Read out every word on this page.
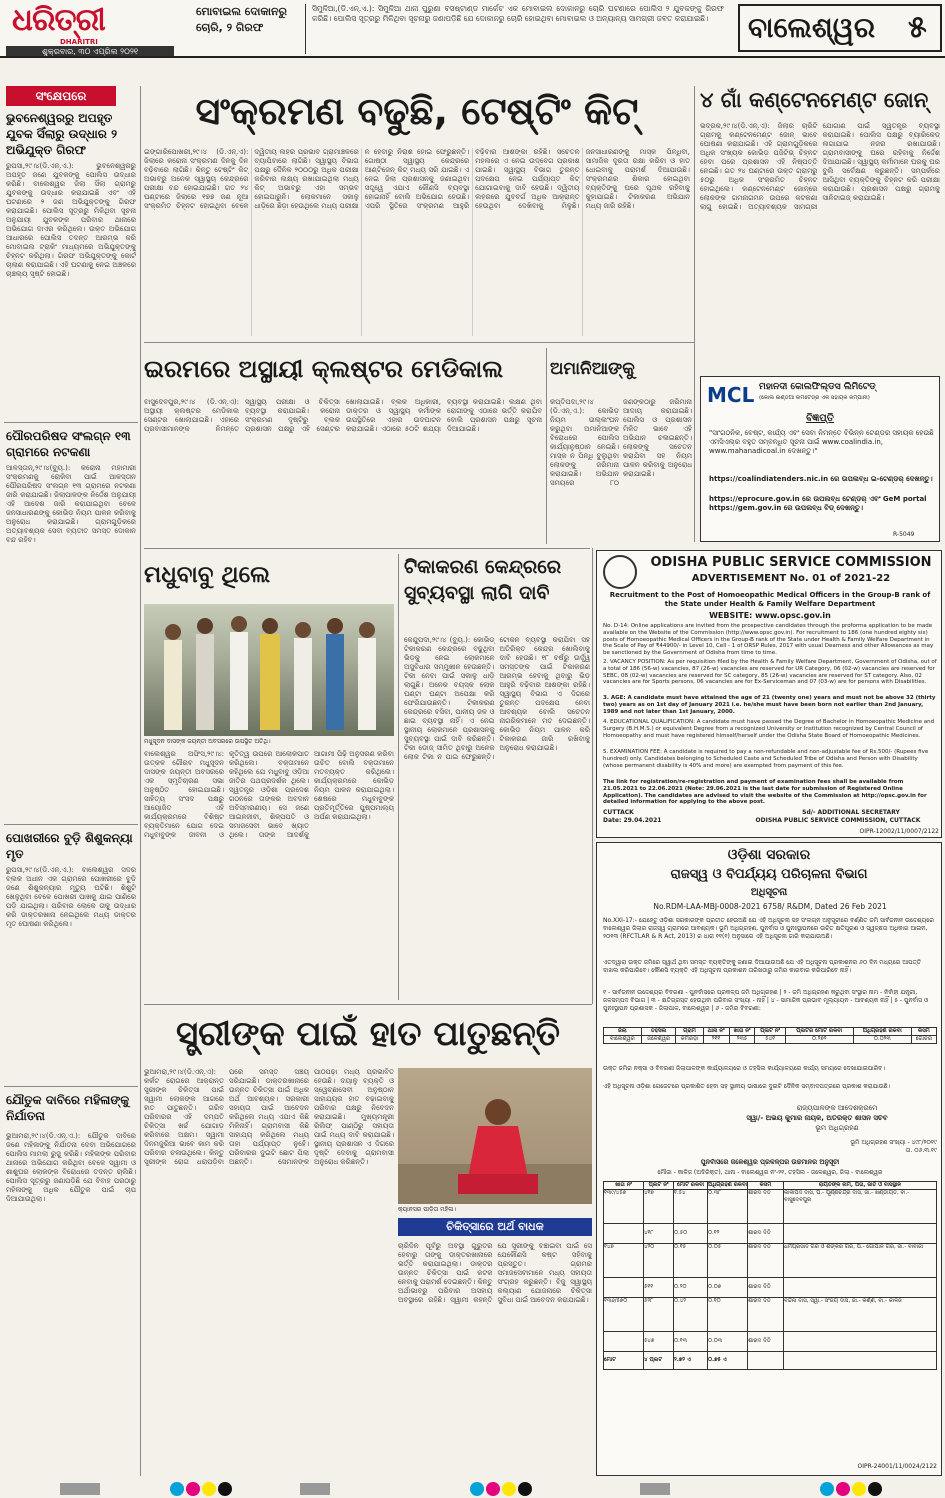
ଧରିତ୍ରୀ
DHARITRI
ଶୁକ୍ରବାର, ୩୦ ଏପ୍ରିଲ ୨୦୨୧
ମୋବାଇଲ ଦୋକାନରୁ ଚୋରି, ୨ ଗିରଫ
ସିମୁଳିଆ,(ଡି.ଏନ୍.ଏ.): ସିମୁଳିଆ ଥାନା ପୁରୁଣା ବସଷ୍ଟାଣ୍ଡ ମାର୍କେଟ ଏକ ମୋବାଇଲ ଦୋକାନରୁ ଚୋରି ଘଟଣାରେ ପୋଲିସ ୨ ଯୁବକଙ୍କୁ ଗିରଫ କରିଛି। ପୋଲିସ ସୂତ୍ରରୁ ମିଳିଥିବା ସୂଚନାରୁ ଜଣାପଡ଼ିଛି ଯେ ଦୋକାନରୁ ଚୋରି ହୋଇଥିବା ମୋବାଇଲ ଓ ଅନ୍ୟାନ୍ୟ ସାମଗ୍ରୀ ଜବତ କରାଯାଇଛି।	ବାଲେଶ୍ୱର ୫
ସଂକ୍ଷେପରେ
ଭୁବନେଶ୍ୱରରୁ ଅପହୃତ ଯୁବକ ସିଁଲାରୁ ଉଦ୍ଧାର ୨ ଅଭିଯୁକ୍ତ ଗିରଫ
ରୁପସା,୨୯।୪(ଡି.ଏନ୍.ଏ.): ଭୁବନେଶ୍ୱରରୁ ଅପହୃତ ଜଣେ ଯୁବକଙ୍କୁ ପୋଲିସ ଉଦ୍ଧାର କରିଛି। ବାଲେଶ୍ୱର ଜିଲା ସିଁଲା ଗ୍ରାମରୁ ଯୁବକଙ୍କୁ ଉଦ୍ଧାର କରାଯାଇଛି ଏବଂ ଏହି ଘଟଣାରେ ୨ ଜଣ ଅଭିଯୁକ୍ତଙ୍କୁ ଗିରଫ କରାଯାଇଛି। ପୋଲିସ ସୂତ୍ରରୁ ମିଳିଥିବା ସୂଚନା ଅନୁଯାୟୀ ଯୁବକଙ୍କ ପରିବାର ଥାନାରେ ଅଭିଯୋଗ ଦାଏର କରିଥିଲେ। ଉକ୍ତ ଅଭିଯୋଗ ଆଧାରରେ ପୋଲିସ ତଦନ୍ତ ଆରମ୍ଭ କରି ମୋବାଇଲ ଟ୍ରାକିଂ ମାଧ୍ୟମରେ ଅଭିଯୁକ୍ତଙ୍କୁ ଚିହ୍ନଟ କରିଥିଲା। ଗିରଫ ଅଭିଯୁକ୍ତଙ୍କୁ କୋର୍ଟ ଚାଲାଣ କରାଯାଇଛି। ଏହି ଘଟଣାକୁ ନେଇ ଅଞ୍ଚଳରେ ଚାଞ୍ଚଲ୍ୟ ସୃଷ୍ଟି ହୋଇଛି।
ପୌରପରିଷଦ ସଂଲଗ୍ନ ୧୩ ଗ୍ରାମରେ ନଟକଣା
ଆଳସ୍ତାନ୍,୨୯।୪(ବ୍ୟୁ.): କରୋନା ମହାମାରୀ ସଂକ୍ରମଣକୁ ରୋକିବା ପାଇଁ ଆଳସ୍ତାନ ପୌରପରିଷଦ ସଂଲଗ୍ନ ୧୩ ଗ୍ରାମରେ ନଟକଣା ଜାରି କରାଯାଇଛି। ଜିଲାପାଳଙ୍କ ନିର୍ଦ୍ଦେଶ ଅନୁଯାୟୀ ଏହି ଆଦେଶ ଜାରି କରାଯାଇଥିବା ବେଳେ ଜନସାଧାରଣଙ୍କୁ କୋଭିଡ଼ ନିୟମ ପାଳନ କରିବାକୁ ଅନୁରୋଧ କରାଯାଇଛି। ଗ୍ରାମଗୁଡ଼ିକରେ ଅତ୍ୟାବଶ୍ୟକ ସେବା ବ୍ୟତୀତ ସମସ୍ତ ଦୋକାନ ବନ୍ଦ ରହିବ।
ପୋଖରୀରେ ବୁଡ଼ି ଶିଶୁକନ୍ୟା ମୃତ
ରୁପସା,୨୯।୪(ଡି.ଏନ୍.ଏ.): ବାଲେଶ୍ୱର ସଦର ବ୍ଲକ ଅଧୀନ ଏକ ଗ୍ରାମରେ ପୋଖରୀରେ ବୁଡ଼ି ଜଣେ ଶିଶୁକନ୍ୟାର ମୃତ୍ୟୁ ଘଟିଛି। ଶିଶୁଟି ଖେଳୁଥିବା ବେଳେ ପୋଖରୀ ପାଖକୁ ଯାଇ ପାଣିରେ ପଡ଼ି ଯାଇଥିଲା। ପରିବାର ଲୋକେ ତାକୁ ଉଦ୍ଧାର କରି ଡାକ୍ତରଖାନା ନେଇଥିଲେ ମଧ୍ୟ ଡାକ୍ତର ମୃତ ଘୋଷଣା କରିଥିଲେ।
ଯୌତୁକ ଦାବିରେ ମହିଳାଙ୍କୁ ନିର୍ଯାତନା
ଭୁଆମରା,୨୯।୪(ଡି.ଏନ୍.ଏ.): ଯୌତୁକ ଦାବିରେ ଜଣେ ମହିଳାଙ୍କୁ ନିର୍ଯାତନା ଦେବା ଅଭିଯୋଗରେ ପୋଲିସ ମାମଲା ରୁଜୁ କରିଛି। ମହିଳାଙ୍କ ପରିବାର ଥାନାରେ ଅଭିଯୋଗ କରିଥିବା ବେଳେ ସ୍ୱାମୀ ଓ ଶାଶୁଘର ଲୋକଙ୍କ ବିରୋଧରେ ତଦନ୍ତ ଚାଲିଛି। ପୋଲିସ ସୂତ୍ରରୁ ଜଣାପଡ଼ିଛି ଯେ ବିବାହ ପରଠାରୁ ମହିଳାଙ୍କୁ ଅଧିକ ଯୌତୁକ ପାଇଁ ଚାପ ଦିଆଯାଉଥିଲା।
ସଂକ୍ରମଣ ବଢୁଛି, ଟେଷ୍ଟିଂ କିଟ୍
ଇଙ୍ଗାରିପୋଖରୀ,୨୯।୪ (ଡି.ଏନ୍.ଏ): ଜିଲାରେ କରୋନା ସଂକ୍ରମଣ ଦିନକୁ ଦିନ ବଢ଼ିବାରେ ଲାଗିଛି। କିନ୍ତୁ ଟେଷ୍ଟିଂ କିଟ୍ ଅଭାବରୁ ଅନେକ ସ୍ୱାସ୍ଥ୍ୟ କେନ୍ଦ୍ରରେ ପରୀକ୍ଷା ବନ୍ଦ ହୋଇଯାଇଛି। ଗତ ୨୪ ଘଣ୍ଟାରେ ଜିଲାରେ ୧୭୭ ଜଣ ନୂଆ ସଂକ୍ରମିତ ଚିହ୍ନଟ ହୋଇଥିବା ବେଳେ ଦ୍ୱିତୀୟ ଲହର ପ୍ରଭାବ ଗ୍ରାମାଞ୍ଚଳରେ ବ୍ୟାପିବାରେ ଲାଗିଛି। ସ୍ୱାସ୍ଥ୍ୟ ବିଭାଗ ପକ୍ଷରୁ ଦୈନିକ ୨୦୦୦ରୁ ଅଧିକ ପରୀକ୍ଷା କରିବାର ଲକ୍ଷ୍ୟ ରଖାଯାଇଥିଲା ମଧ୍ୟ କିଟ୍ ଅଭାବରୁ ଏହା ସମ୍ଭବ ହୋଇପାରୁନି। ଲୋକମାନେ ସକାଳୁ ଧାଡ଼ିରେ ଛିଡ଼ା ହେଉଥିଲେ ମଧ୍ୟ ପରୀକ୍ଷା ନ ହେବାରୁ ନିରାଶ ହୋଇ ଫେରୁଛନ୍ତି। ଗୋଷ୍ଠୀ ସ୍ୱାସ୍ଥ୍ୟ କେନ୍ଦ୍ରରେ ଆଣ୍ଟିଜେନ୍ କିଟ୍ ମଧ୍ୟ ସରି ଯାଇଛି। ଏ ନେଇ ଜିଲା ପ୍ରଶାସନକୁ ଜଣାଇଥିବା ସତ୍ତ୍ୱେ ଏଯାଏ କୌଣସି ବ୍ୟବସ୍ଥା ହୋଇନାହିଁ ବୋଲି ଅଭିଯୋଗ ହେଉଛି। ଏପରି ସ୍ଥିତିରେ ସଂକ୍ରମଣ ଆହୁରି ବଢ଼ିବାର ଆଶଙ୍କା ରହିଛି। ସଚେତନ ମହଲରେ ଏ ନେଇ ଉଦ୍‌ବେଗ ପ୍ରକାଶ ପାଇଛି। ସ୍ୱାସ୍ଥ୍ୟ ବିଭାଗ ତୁରନ୍ତ ପଦକ୍ଷେପ ନେଇ ପର୍ଯ୍ୟାପ୍ତ କିଟ୍ ଯୋଗାଇବାକୁ ଦାବି ହେଉଛି। ଦ୍ୱିତୀୟ ଲହରରେ ଯୁବବର୍ଗ ଅଧିକ ଆକ୍ରାନ୍ତ ହେଉଥିବା ଦେଖିବାକୁ ମିଳୁଛି। ଜନସାଧାରଣଙ୍କୁ ମାସ୍କ ପିନ୍ଧିବା, ସାମାଜିକ ଦୂରତା ରକ୍ଷା କରିବା ଓ ହାତ ଧୋଇବାକୁ ପରାମର୍ଶ ଦିଆଯାଉଛି। ସଂକ୍ରମଣର ଶିକାର ହୋଇଥିବା ବ୍ୟକ୍ତିଙ୍କୁ ଘରେ ପୃଥକ ରହିବାକୁ କୁହାଯାଇଛି। ଟିକାକରଣ ଅଭିଯାନ ମଧ୍ୟ ଜାରି ରହିଛି।
୪ ଗାଁ କଣ୍ଟେନମେଣ୍ଟ ଜୋନ୍
ଭଦ୍ରକ,୨୯।୪(ଡି.ଏନ୍.ଏ): ଜିଲାର ଚାରିଟି ଗ୍ରାମକୁ କଣ୍ଟେନମେଣ୍ଟ ଜୋନ୍ ଭାବେ ଘୋଷଣା କରାଯାଇଛି। ଏହି ଗ୍ରାମଗୁଡ଼ିକରେ ଅଧିକ ସଂଖ୍ୟକ କୋଭିଡ଼ ପଜିଟିଭ୍ ଚିହ୍ନଟ ହେବା ପରେ ପ୍ରଶାସନ ଏହି ନିଷ୍ପତ୍ତି ନେଇଛି। ଗତ ୨୪ ଘଣ୍ଟାରେ ଉକ୍ତ ଗ୍ରାମରୁ ୫୦ରୁ ଅଧିକ ସଂକ୍ରମିତ ଚିହ୍ନଟ ହୋଇଥିଲେ। କଣ୍ଟେନମେଣ୍ଟ ଜୋନ୍‌ରେ ଲୋକଙ୍କ ଗମନାଗମନ ଉପରେ କଟକଣା ଲାଗୁ ହୋଇଛି। ଅତ୍ୟାବଶ୍ୟକ ସାମଗ୍ରୀ ଯୋଗାଣ ପାଇଁ ସ୍ୱତନ୍ତ୍ର ବ୍ୟବସ୍ଥା କରାଯାଇଛି। ପୋଲିସ ପକ୍ଷରୁ ବ୍ୟାରିକେଡ୍ ଲଗାଯାଇ ନଜର ରଖାଯାଉଛି। ଗ୍ରାମବାସୀଙ୍କୁ ଘରେ ରହିବାକୁ ନିର୍ଦ୍ଦେଶ ଦିଆଯାଇଛି। ସ୍ୱାସ୍ଥ୍ୟ କର୍ମୀମାନେ ଘରକୁ ଘର ବୁଲି ସର୍ବେକ୍ଷଣ କରୁଛନ୍ତି। ସମ୍ପର୍କରେ ଆସିଥିବା ବ୍ୟକ୍ତିଙ୍କୁ ଚିହ୍ନଟ କରି ପରୀକ୍ଷା କରାଯାଉଛି। ପ୍ରଶାସନ ପକ୍ଷରୁ ଗ୍ରାମକୁ ସାନିଟାଇଜ୍ କରାଯାଇଛି।
MCL ମହାନଦୀ କୋଲଫିଲ୍ଡସ ଲିମିଟେଡ୍
(କୋଲ ଇଣ୍ଡିଆ ଲିମିଟେଡ୍‌ର ଏକ ସହାୟକ କମ୍ପାନୀ)
ବିଜ୍ଞପ୍ତି
"ସାଂଗଠନିକ, ବେଷ୍ଟ, କାର୍ଯ୍ୟ ଏବଂ ସେବା ନିମନ୍ତେ ବିଭିନ୍ନ ଟେଣ୍ଡର ସହାୟକ ହେଉଛି ଏମସିଏଲ୍‌ର ବହୁତ ସମ୍ବନ୍ଧିତ ସୂଚନା ପାଇଁ www.coalindia.in, www.mahanadicoal.in ଦେଖନ୍ତୁ।"
https://coalindiatenders.nic.in ରେ ଉପଲବ୍ଧ ଇ-ଟେଣ୍ଡର୍ ଦେଖନ୍ତୁ।
https://eprocure.gov.in ରେ ଉପଲବ୍ଧ ଟେଣ୍ଡର୍ ଏବଂ GeM portal https://gem.gov.in ରେ ଉପଲବ୍ଧ ବିଡ୍ ଦେଖନ୍ତୁ।
R-5049
ଇରମରେ ଅସ୍ଥାୟୀ କ୍ଲଷ୍ଟର ମେଡିକାଲ
ବାସୁଦେବପୁର,୨୯।୪ (ଡି.ଏନ୍.ଏ): ଅସ୍ଥାୟୀ କ୍ଲଷ୍ଟର ମେଡିକାଲ ସେଣ୍ଟର ଖୋଲାଯାଇଛି। ଏହାରେ ପ୍ରବାସୀମାନଙ୍କ ନିମନ୍ତେ ସ୍ୱାସ୍ଥ୍ୟ ପରୀକ୍ଷା ଓ ଚିକିତ୍ସା ବ୍ୟବସ୍ଥା କରାଯାଇଛି। କରୋନା ସଂକ୍ରମଣ ଦୃଷ୍ଟିରୁ ବ୍ଲକ ପ୍ରଶାସନ ପକ୍ଷରୁ ଏହି ସେଣ୍ଟର ଖୋଲାଯାଇଛି। ବ୍ଲକ ଅଧିକାରୀ, ଡାକ୍ତର ଓ ସ୍ୱାସ୍ଥ୍ୟ କର୍ମୀଙ୍କ ଉପସ୍ଥିତିରେ ଏହାର ଉଦଘାଟନ କରାଯାଇଛି। ଏଠାରେ ୫୦ଟି ଶଯ୍ୟା ବ୍ୟବସ୍ଥା କରାଯାଇଛି। ଲକ୍ଷଣ ଥିବା ରୋଗୀଙ୍କୁ ଏଠାରେ ଭର୍ତ୍ତି କରାଯିବ ବୋଲି ପ୍ରଶାସନ ପକ୍ଷରୁ ସୂଚନା ଦିଆଯାଇଛି।
ଅମାନିଆଙ୍କୁ
କପ୍ତିପଦା,୨୯।୪ (ଡି.ଏନ୍.ଏ.): କୋଭିଡ଼ ନିୟମ ଉଲ୍ଲଂଘନ କରୁଥିବା ଅମାନିଆଙ୍କ ବିରୋଧରେ ପୋଲିସ କାର୍ଯ୍ୟାନୁଷ୍ଠାନ ନେଇଛି। ମାସ୍କ ନ ପିନ୍ଧି ବୁଲୁଥିବା ଲୋକଙ୍କୁ ଜରିମାନା କରାଯାଇଛି। ଅଭିଯାନ ସମୟରେ ୮୦ ଜଣଙ୍କଠାରୁ ଜରିମାନା ଆଦାୟ କରାଯାଇଛି। ପୋଲିସ ଓ ପ୍ରଶାସନ ମିଳିତ ଭାବେ ଏହି ଅଭିଯାନ ଚଳାଇଛନ୍ତି। ଲୋକଙ୍କୁ ସଚେତନ କରାଯିବା ସହ ନିୟମ ପାଳନ କରିବାକୁ ଅନୁରୋଧ କରାଯାଇଛି।
ମଧୁବାବୁ ଥିଲେ
ମଧୁସୂଦନ ଦାସଙ୍କ ଜୟନ୍ତୀ ଅବସରରେ ଉପସ୍ଥିତ ଅତିଥି।
ବାଲେଶ୍ୱର ଅଫିସ,୨୯।୪: ଉତ୍କଳ ଗୌରବ ମଧୁସୂଦନ ଦାସଙ୍କ ଜୟନ୍ତୀ ଅବସରରେ ଏକ ସ୍ମୃତିଚାରଣ ସଭା ଅନୁଷ୍ଠିତ ହୋଇଯାଇଛି। ସାହିତ୍ୟ ସଂସଦ ପକ୍ଷରୁ ଆୟୋଜିତ ଏହି କାର୍ଯ୍ୟକ୍ରମରେ ବିଶିଷ୍ଟ ବ୍ୟକ୍ତିମାନେ ଯୋଗ ଦେଇ ମଧୁବାବୁଙ୍କ ଜୀବନୀ ଓ କୃତିତ୍ୱ ଉପରେ ଆଲୋକପାତ କରିଥିଲେ। ବକ୍ତାମାନେ କହିଥିଲେ ଯେ ମଧୁବାବୁ ଓଡ଼ିଆ ଜାତିର ପଥପ୍ରଦର୍ଶକ ଥିଲେ। ସ୍ୱତନ୍ତ୍ର ଓଡ଼ିଶା ପ୍ରଦେଶ ଗଠନରେ ତାଙ୍କର ଅବଦାନ ଅବିସ୍ମରଣୀୟ। ସେ ଜଣେ ଆଇନଜୀବୀ, ଶିଳ୍ପପତି ଓ ସମାଜସେବୀ ଭାବେ ଖ୍ୟାତ ଥିଲେ। ତାଙ୍କ ଆଦର୍ଶକୁ ଆଗାମୀ ପିଢ଼ି ଅନୁସରଣ କରିବା ଉଚିତ ବୋଲି ବକ୍ତାମାନେ ମତବ୍ୟକ୍ତ କରିଥିଲେ। କାର୍ଯ୍ୟକ୍ରମରେ କୋଭିଡ଼ ନିୟମ ପାଳନ କରାଯାଇଥିଲା। ଶେଷରେ ମଧୁବାବୁଙ୍କ ପ୍ରତିମୂର୍ତ୍ତିରେ ପୁଷ୍ପମାଲ୍ୟ ଅର୍ପଣ କରାଯାଇଥିଲା।
ଟିକାକରଣ କେନ୍ଦ୍ରରେ ସୁବ୍ୟବସ୍ଥା ଲାଗି ଦାବି
କେନ୍ଦୁପଦା,୨୯।୪ (ବ୍ୟୁ.): କୋଭିଡ୍ ଟିକାକରଣ କେନ୍ଦ୍ରରେ ବଢୁଥିବା ଭିଡ଼କୁ ନେଇ ଲୋକମାନେ ଅସୁବିଧାର ସମ୍ମୁଖୀନ ହେଉଛନ୍ତି। ଟିକା ନେବା ପାଇଁ ସକାଳୁ ଧାଡ଼ି ଲାଗୁଛି। ଅନେକ ବୟସ୍କ ଲୋକ ଘଣ୍ଟା ଘଣ୍ଟା ଅପେକ୍ଷା କରି ଫେରିଯାଉଛନ୍ତି। ଟିକାକରଣ କେନ୍ଦ୍ରରେ ବସିବା, ପାନୀୟ ଜଳ ଓ ଛାଇ ବ୍ୟବସ୍ଥା ନାହିଁ। ଏ ନେଇ ସ୍ଥାନୀୟ ଲୋକମାନେ ପ୍ରଶାସନକୁ ସୁବ୍ୟବସ୍ଥା ପାଇଁ ଦାବି କରିଛନ୍ତି। ଟିକା ଡୋଜ୍ ସୀମିତ ଥିବାରୁ ଅନେକ ଲୋକ ଟିକା ନ ପାଇ ଫେରୁଛନ୍ତି। ଟୋକନ ବ୍ୟବସ୍ଥା କରାଯିବା ସହ ଅତିରିକ୍ତ କେନ୍ଦ୍ର ଖୋଲିବାକୁ ଦାବି ହେଉଛି। ୧୮ ବର୍ଷରୁ ଊର୍ଦ୍ଧ୍ୱ ସମସ୍ତଙ୍କ ପାଇଁ ଟିକାକରଣ ଆରମ୍ଭ ହେବାକୁ ଥିବାରୁ ଭିଡ଼ ଆହୁରି ବଢ଼ିବାର ଆଶଙ୍କା ରହିଛି। ସ୍ୱାସ୍ଥ୍ୟ ବିଭାଗ ଏ ଦିଗରେ ତୁରନ୍ତ ପଦକ୍ଷେପ ନେବା ଆବଶ୍ୟକ ବୋଲି ସଚେତନ ନାଗରିକମାନେ ମତ ଦେଇଛନ୍ତି। କୋଭିଡ଼ ନିୟମ ପାଳନ କରି ଟିକାକରଣ ଜାରି ରଖିବାକୁ ଅନୁରୋଧ କରାଯାଇଛି।
ODISHA PUBLIC SERVICE COMMISSION
ADVERTISEMENT No. 01 of 2021-22
Recruitment to the Post of Homoeopathic Medical Officers in the Group-B rank of the State under Health & Family Welfare Department
WEBSITE: www.opsc.gov.in
No. D-14: Online applications are invited from the prospective candidates through the proforma application to be made available on the Website of the Commission (http://www.opsc.gov.in). For recruitment to 186 (one hundred eighty six) posts of Homoeopathic Medical Officers in the Group-B rank of the State under Health & Family Welfare Department in the Scale of Pay of ₹44900/- in Level 10, Cell - 1 of ORSP Rules, 2017 with usual Dearness and other Allowances as may be sanctioned by the Government of Odisha from time to time.
2. VACANCY POSITION: As per requisition filed by the Health & Family Welfare Department, Government of Odisha, out of a total of 186 (56-w) vacancies, 87 (26-w) vacancies are reserved for UR Category, 06 (02-w) vacancies are reserved for SEBC, 08 (02-w) vacancies are reserved for SC category, 85 (26-w) vacancies are reserved for ST category. Also, 02 vacancies are for Sports persons, 06 vacancies are for Ex-Serviceman and 07 (03-w) are for persons with Disabilities.
3. AGE: A candidate must have attained the age of 21 (twenty one) years and must not be above 32 (thirty two) years as on 1st day of January 2021 i.e. he/she must have been born not earlier than 2nd January, 1989 and not later than 1st January, 2000.
4. EDUCATIONAL QUALIFICATION: A candidate must have passed the Degree of Bachelor in Homoeopathic Medicine and Surgery (B.H.M.S.) or equivalent Degree from a recognized University or Institution recognized by Central Council of Homoeopathy and must have registered himself/herself under the Odisha State Board of Homoeopathic Medicines.
5. EXAMINATION FEE: A candidate is required to pay a non-refundable and non-adjustable fee of Rs.500/- (Rupees five hundred) only. Candidates belonging to Scheduled Caste and Scheduled Tribe of Odisha and Person with Disability (whose permanent disability is 40% and more) are exempted from payment of this fee.
The link for registration/re-registration and payment of examination fees shall be available from 21.05.2021 to 22.06.2021 (Note: 29.06.2021 is the last date for submission of Registered Online Application). The candidates are advised to visit the website of the Commission at http://opsc.gov.in for detailed information for applying to the above post.
CUTTACK
Date: 29.04.2021
Sd/- ADDITIONAL SECRETARY
ODISHA PUBLIC SERVICE COMMISSION, CUTTACK
OIPR-12002/11/0007/2122
ଓଡ଼ିଶା ସରକାର
ରାଜସ୍ୱ ଓ ବିପର୍ଯ୍ୟୟ ପରିଚାଳନା ବିଭାଗ
ଅଧିସୂଚନା
No.RDM-LAA-MBJ-0008-2021 6758/ R&DM, Dated 26 Feb 2021
No.XXI-17:- ଯେହେତୁ ଓଡ଼ିଶା ସରକାରଙ୍କ ପ୍ରତୀତ ହେଉଅଛି ଯେ ଏହି ଅଧିସୂଚନା ସହ ସଂଲଗ୍ନ ଅନୁସୂଚୀରେ ବର୍ଣ୍ଣିତ ଜମି ସାର୍ବଜନୀନ ଉଦ୍ଦେଶ୍ୟରେ ବାଲେଶ୍ୱର ଜିଲାର ରାଜସ୍ୱ ଗ୍ରାମରେ ଆବଶ୍ୟକ। ଭୂମି ଅଧିଗ୍ରହଣ, ପୁନର୍ବାସ ଓ ପୁନଃସ୍ଥାପନରେ ଉଚିତ କ୍ଷତିପୂରଣ ଓ ସ୍ୱଚ୍ଛତା ଅଧିକାର ଆଇନ, ୨୦୧୩ (RFCTLAR & R Act, 2013) ର ଧାରା ୧୧(୧) ଅନୁସାରେ ଏହି ଅଧିସୂଚନା ଜାରି କରାଯାଉଅଛି।
ଏତଦ୍ୱାରା ଉକ୍ତ ଜମିରେ ସ୍ୱାର୍ଥ ଥିବା ସମସ୍ତ ବ୍ୟକ୍ତିଙ୍କୁ ଜଣାଇ ଦିଆଯାଉଅଛି ଯେ ଏହି ଅଧିସୂଚନା ପ୍ରକାଶନର ୬୦ ଦିନ ମଧ୍ୟରେ ଆପତ୍ତି ଦାଖଲ କରିପାରିବେ। କୌଣସି ବ୍ୟକ୍ତି ଏହି ଅଧିସୂଚନା ପ୍ରକାଶନ ତାରିଖଠାରୁ ଜମିର କାରବାର କରିପାରିବେ ନାହିଁ।
୧ - ସାର୍ବଜନୀନ ଉଦ୍ଦେଶ୍ୟର ବିବରଣୀ - ପୁନର୍ବାସରେ ପ୍ରକଳ୍ପ ଜମି ଅଧିଗ୍ରହଣ | ୨ - ଜମି ଅଧିଗ୍ରହଣ କରୁଥିବା ସଂସ୍ଥାର ନାମ - ନିର୍ବାହୀ ଯନ୍ତ୍ରୀ, ଜଳସମ୍ପଦ ବିଭାଗ | ୩ - କ୍ଷତିଗ୍ରସ୍ତ ହେଉଥିବା ପରିବାର ସଂଖ୍ୟା - ନାହିଁ | ୪ - ସାମାଜିକ ପ୍ରଭାବ ମୂଲ୍ୟାୟନ - ଆବଶ୍ୟକ ନାହିଁ | ୫ - ପୁନର୍ବାସ ଓ ପୁନଃସ୍ଥାପନ ପ୍ରଶାସକ - ଜିଲାପାଳ, ବାଲେଶ୍ୱର | ୬ - ଜମିର ବିବରଣୀ:
ଜିଲା	ତହସିଲ	ଗ୍ରାମ	ଥାନା ନଂ	ଖାତା ନଂ	ପ୍ଲଟ ନଂ	ପ୍ଲଟର ମୋଟ ରକବା	ଅଧିଗ୍ରହଣ ରକବା	କିସମ
ବାଲେଶ୍ୱର	ଜଳେଶ୍ୱର	କମରଡ଼ା	୨୧୧	୨୩୫	୫୪୧	୦.୨୭୨	୦.୦୨୩	ଗୋଚର
ଉକ୍ତ ଜମିର ନକ୍ସା ଓ ବିବରଣୀ ଜିଲାପାଳଙ୍କ କାର୍ଯ୍ୟାଳୟରେ ଓ ତହସିଲ କାର୍ଯ୍ୟାଳୟରେ କାର୍ଯ୍ୟ ସମୟରେ ଦେଖାଯାଇପାରିବ।
ଏହି ଅଧିସୂଚନା ଓଡ଼ିଶା ଗେଜେଟରେ ପ୍ରକାଶିତ ହେବା ସହ ସ୍ଥାନୀୟ ଭାଷାରେ ଦୁଇଟି ଦୈନିକ ସମ୍ବାଦପତ୍ରରେ ପ୍ରକାଶ କରାଯାଉଛି।
ରାଜ୍ୟପାଳଙ୍କ ଆଦେଶକ୍ରମେ
ସ୍ୱା/- ଅଭୟ କୁମାର ନାୟକ, ଅତିରିକ୍ତ ଶାସନ ସଚିବ
ଭୂମି ଅଧିଗ୍ରହଣ
ଭୂମି ଅଧିଗ୍ରହଣ ସଂଖ୍ୟା - ୪୯୮/୨୦୧୯
ତା. ୦୬.୩.୧୯
ପୁନର୍ବାସରେ ଜଳେଶ୍ୱର ପ୍ରକଳ୍ପର ଉଚ୍ଚମାନର ଅନୁସୂଚୀ
ମୌଜା - କାଳିଜ (ଅଦିରିକ୍ତ), ଥାନା - ବାଲେଶ୍ୱର ନଂ-୨୧, ତହସିଲ - ଜଳେଶ୍ୱର, ଜିଲା - ବାଲେଶ୍ୱର
ଖାତା ନଂ	ପ୍ଲଟ ନଂ	ମୋଟ ରକବା	ଅଧିଗ୍ରହଣ ରକବା	କିସମ	ରାୟତଙ୍କ ନାମ, ପିତା, ଜାତି ଓ ବାସସ୍ଥାନ
୧୩୯/୪୫୭	୪୧୭	୧.୫୪	୦.୩୮	ଶାରଦ ଦିତି	କାଳୀପଦ ଦାସ, ପି.- ପୂର୍ଣ୍ଣଚନ୍ଦ୍ର ଦାସ, ଜା.- ଖଣ୍ଡାୟତ, ବା.- ବାସୁଦେବପୁର
	୪୧୮	୦.୫୦	୦.୧୨	ଶାରଦ ଦିତି	
୧୪୭	୪୨୦	୦.୧୫	୦.୦୫	ଶାରଦ ଦିତି	ଧର୍ମପ୍ରସାଦ ଗିରି ଓ ଶଙ୍କର ଗିରି, ପି.- ଗୋପାଳ ଗିରି, ଜା.- ବାବାଜୀ
	୫୧୧	୦.୨୦	୦.୦୭	ଶାରଦ ଦିତି	
୧୩୬/୫୭୦	୫୨୮	୦.୪୨	୦.୧୦	ଶାରଦ ଦିତି	ବନ୍ଦନା ଦାସ, ସ୍ୱା.- ସଂଜୟ ଦାସ, ଜା.- କର୍ଣ୍ଣ, ବା.- କାଳିଜ
	୫୪୭	୦.୧୩	୦.୦୩	ଶାରଦ ଦିତି	
ମୋଟ	୪ ପ୍ଲଟ	୨.୭୨ ଏ	୦.୭୫ ଏ		
OIPR-24001/11/0024/2122
ସ୍ତ୍ରୀଙ୍କ ପାଇଁ ହାତ ପାତୁଛନ୍ତି
ଭୁଆମରା,୨୯।୪(ଡି.ଏନ୍.ଏ): କର୍କଟ ରୋଗରେ ଆକ୍ରାନ୍ତ ସ୍ତ୍ରୀଙ୍କ ଚିକିତ୍ସା ପାଇଁ ସ୍ୱାମୀ ଲୋକଙ୍କ ଆଗରେ ହାତ ପାତୁଛନ୍ତି। ଗରିବ ପରିବାରର ଏହି ଦମ୍ପତି ଚିକିତ୍ସା ଖର୍ଚ୍ଚ ଯୋଗାଡ଼ କରିବାରେ ଅକ୍ଷମ। ସ୍ୱାମୀ ଦିନମଜୁରିଆ ଭାବେ କାମ କରି ପରିବାର ଚଳାଉଥିଲେ। କିନ୍ତୁ ସ୍ତ୍ରୀଙ୍କ ରୋଗ ଧରାପଡ଼ିବା ପରେ ସମସ୍ତ ସଞ୍ଚୟ ସରିଯାଇଛି। ଡାକ୍ତରଖାନାରେ ଉନ୍ନତ ଚିକିତ୍ସା ପାଇଁ ଅଧିକ ଅର୍ଥ ଆବଶ୍ୟକ। ସରକାରୀ ସହାୟତା ପାଇଁ ଆବେଦନ କରିଥିଲେ ମଧ୍ୟ ଏଯାଏ କିଛି ମିଳିନାହିଁ। ଗ୍ରାମବାସୀ କିଛି ସାହାଯ୍ୟ କରିଥିଲେ ମଧ୍ୟ ତାହା ପର୍ଯ୍ୟାପ୍ତ ନୁହେଁ। ପରିବାରର ଦୁଇଟି ଛୋଟ ପିଲା ଅଛନ୍ତି। ସେମାନଙ୍କ ପାଠପଢ଼ା ମଧ୍ୟ ପ୍ରଭାବିତ ହେଉଛି। ଦୟାଳୁ ବ୍ୟକ୍ତି ଓ ସ୍ୱେଚ୍ଛାସେବୀ ଅନୁଷ୍ଠାନ ସାହାଯ୍ୟର ହାତ ବଢ଼ାଇବାକୁ ପରିବାର ପକ୍ଷରୁ ନିବେଦନ କରାଯାଇଛି। ମୁଖ୍ୟମନ୍ତ୍ରୀ ରିଲିଫ୍ ପାଣ୍ଠିରୁ ସହାୟତା ପାଇଁ ମଧ୍ୟ ଦାବି କରାଯାଇଛି। ସ୍ଥାନୀୟ ପ୍ରଶାସନ ଏ ଦିଗରେ ଦୃଷ୍ଟି ଦେବାକୁ ଗ୍ରାମବାସୀ ଅନୁରୋଧ କରିଛନ୍ତି।
କ୍ୟାନସର ପୀଡ଼ିତା ମହିଳା।
ଚିକିତ୍ସାରେ ଅର୍ଥ ବାଧକ
ଚାରିଦିନ ପୂର୍ବରୁ ଅବସ୍ଥା ଗୁରୁତର ହେବାରୁ ତାଙ୍କୁ ଡାକ୍ତରଖାନାରେ ଭର୍ତ୍ତି କରାଯାଇଥିଲା। ଡାକ୍ତର ଉନ୍ନତ ଚିକିତ୍ସା ପାଇଁ କଟକ ନେବାକୁ ପରାମର୍ଶ ଦେଇଛନ୍ତି। କିନ୍ତୁ ଅର୍ଥାଭାବରୁ ପରିବାର ଅସହାୟ ଅବସ୍ଥାରେ ରହିଛି। ସ୍ୱାମୀ କହନ୍ତି ଯେ ସ୍ତ୍ରୀଙ୍କୁ ବଞ୍ଚାଇବା ପାଇଁ ସେ ଯେକୌଣସି କଷ୍ଟ ସହିବାକୁ ପ୍ରସ୍ତୁତ। ଗ୍ରାମର ସମାଜସେବୀମାନେ ମଧ୍ୟ ସହାୟତା ସଂଗ୍ରହ କରୁଛନ୍ତି। ବିଜୁ ସ୍ୱାସ୍ଥ୍ୟ କଲ୍ୟାଣ ଯୋଜନାରେ ଚିକିତ୍ସା ସୁବିଧା ପାଇଁ ଆବେଦନ କରାଯାଇଛି।
